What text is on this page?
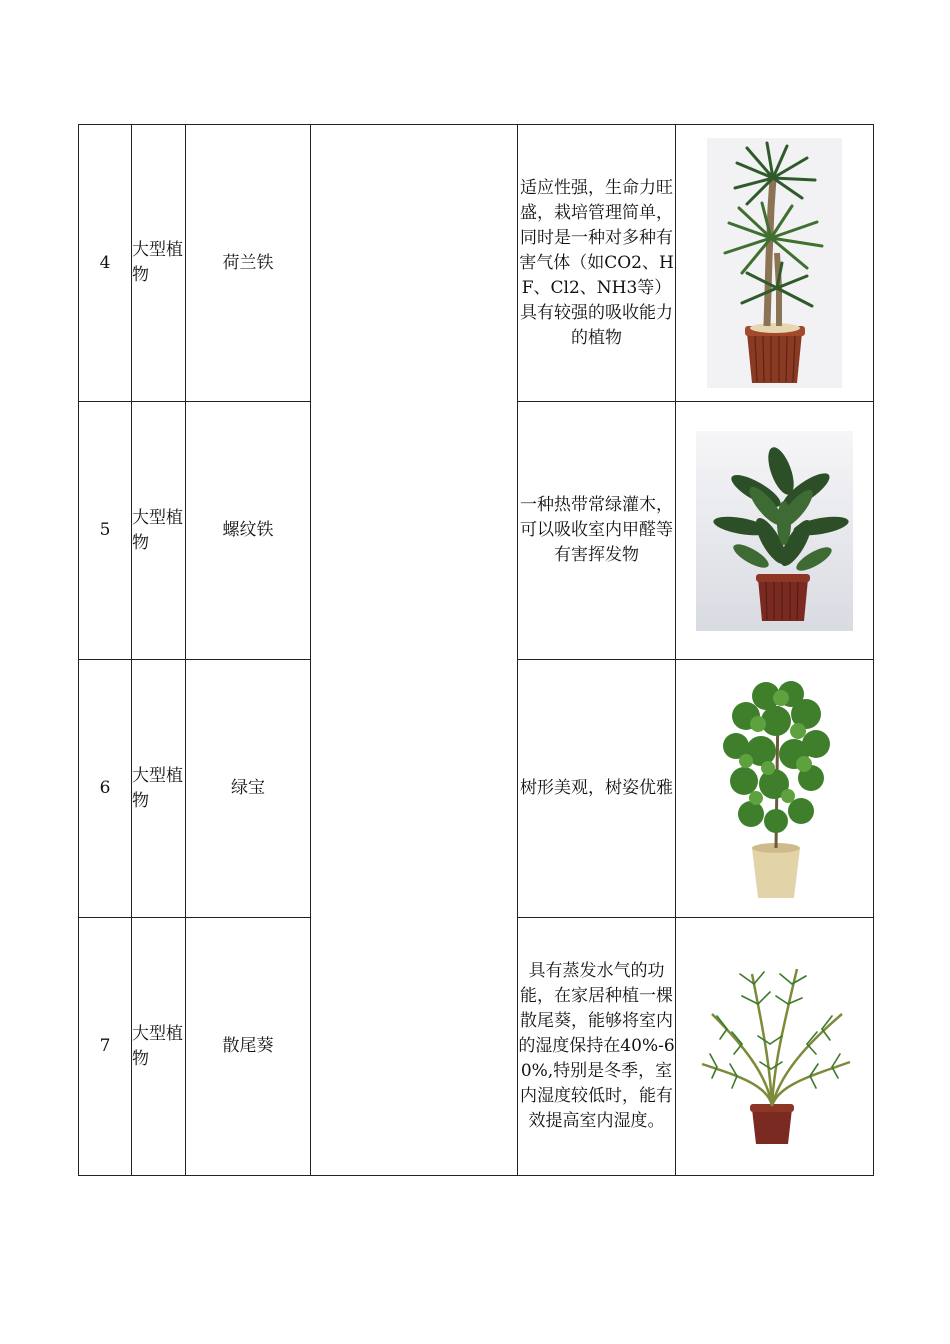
4	大型植物	荷兰铁		适应性强，生命力旺盛，栽培管理简单，同时是一种对多种有害气体（如CO2、HF、Cl2、NH3等）具有较强的吸收能力的植物	

5	大型植物	螺纹铁		一种热带常绿灌木，可以吸收室内甲醛等有害挥发物	

6	大型植物	绿宝		树形美观，树姿优雅	

7	大型植物	散尾葵		具有蒸发水气的功能，在家居种植一棵散尾葵，能够将室内的湿度保持在40%-60%,特别是冬季，室内湿度较低时，能有效提高室内湿度。	
